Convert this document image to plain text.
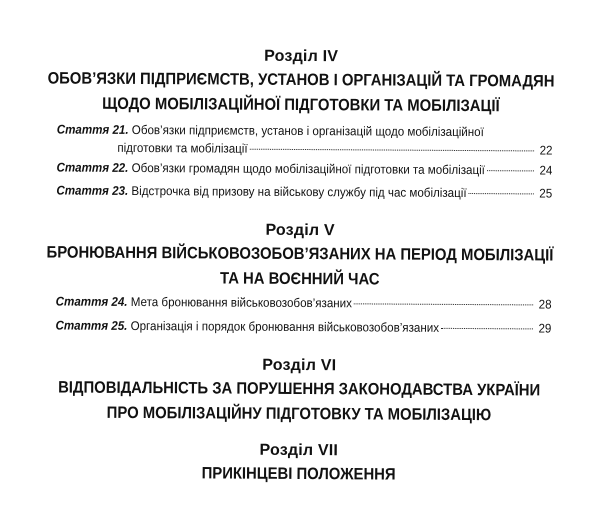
Розділ IV
ОБОВ’ЯЗКИ ПІДПРИЄМСТВ, УСТАНОВ І ОРГАНІЗАЦІЙ ТА ГРОМАДЯН
ЩОДО МОБІЛІЗАЦІЙНОЇ ПІДГОТОВКИ ТА МОБІЛІЗАЦІЇ
Стаття 21. Обов’язки підприємств, установ і організацій щодо мобілізаційної
підготовки та мобілізації	22
Стаття 22. Обов’язки громадян щодо мобілізаційної підготовки та мобілізації	24
Стаття 23. Відстрочка від призову на військову службу під час мобілізації	25
Розділ V
БРОНЮВАННЯ ВІЙСЬКОВОЗОБОВ’ЯЗАНИХ НА ПЕРІОД МОБІЛІЗАЦІЇ
ТА НА ВОЄННИЙ ЧАС
Стаття 24. Мета бронювання військовозобов’язаних	28
Стаття 25. Організація і порядок бронювання військовозобов’язаних	29
Розділ VI
ВІДПОВІДАЛЬНІСТЬ ЗА ПОРУШЕННЯ ЗАКОНОДАВСТВА УКРАЇНИ
ПРО МОБІЛІЗАЦІЙНУ ПІДГОТОВКУ ТА МОБІЛІЗАЦІЮ
Розділ VII
ПРИКІНЦЕВІ ПОЛОЖЕННЯ
